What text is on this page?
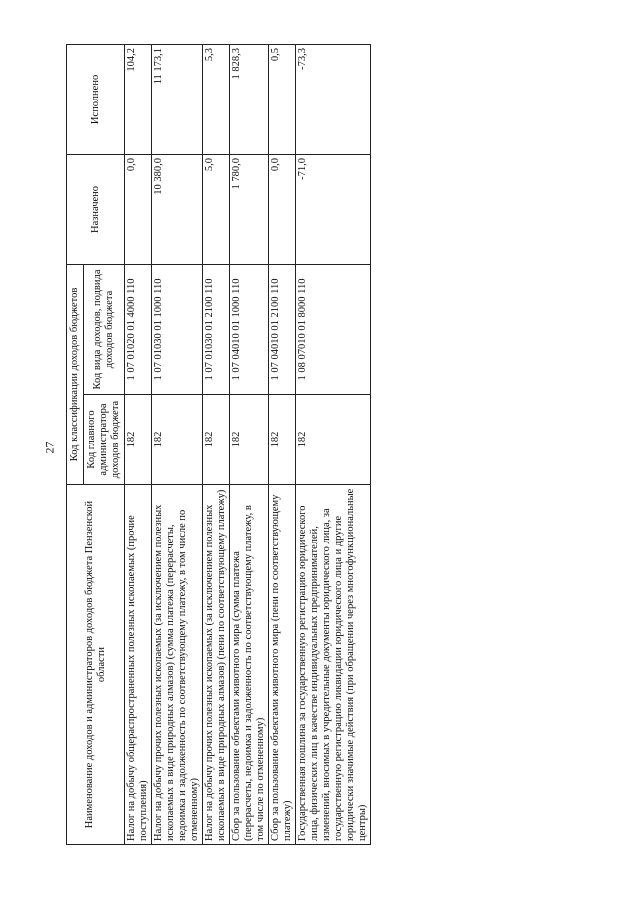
27
Наименование доходов и администраторов доходов бюджета Пензенской области	Код классификации доходов бюджетов		Назначено	Исполнено
	Код главного администратора доходов бюджета	Код вида доходов, подвида доходов бюджета		
Налог на добычу общераспространенных полезных ископаемых (прочие поступления)	182	1 07 01020 01 4000 110	0,0	104,2
Налог на добычу прочих полезных ископаемых (за исключением полезных ископаемых в виде природных алмазов) (сумма платежа (перерасчеты, недоимка и задолженность по соответствующему платежу, в том числе по отмененному)	182	1 07 01030 01 1000 110	10 380,0	11 173,1
Налог на добычу прочих полезных ископаемых (за исключением полезных ископаемых в виде природных алмазов) (пени по соответствующему платежу)	182	1 07 01030 01 2100 110	5,0	5,3
Сбор за пользование объектами животного мира (сумма платежа (перерасчеты, недоимка и задолженность по соответствующему платежу, в том числе по отмененному)	182	1 07 04010 01 1000 110	1 780,0	1 828,3
Сбор за пользование объектами животного мира (пени по соответствующему платежу)	182	1 07 04010 01 2100 110	0,0	0,5
Государственная пошлина за государственную регистрацию юридического лица, физических лиц в качестве индивидуальных предпринимателей, изменений, вносимых в учредительные документы юридического лица, за государственную регистрацию ликвидации юридического лица и другие юридически значимые действия (при обращении через многофункциональные центры)	182	1 08 07010 01 8000 110	-71,0	-73,3
